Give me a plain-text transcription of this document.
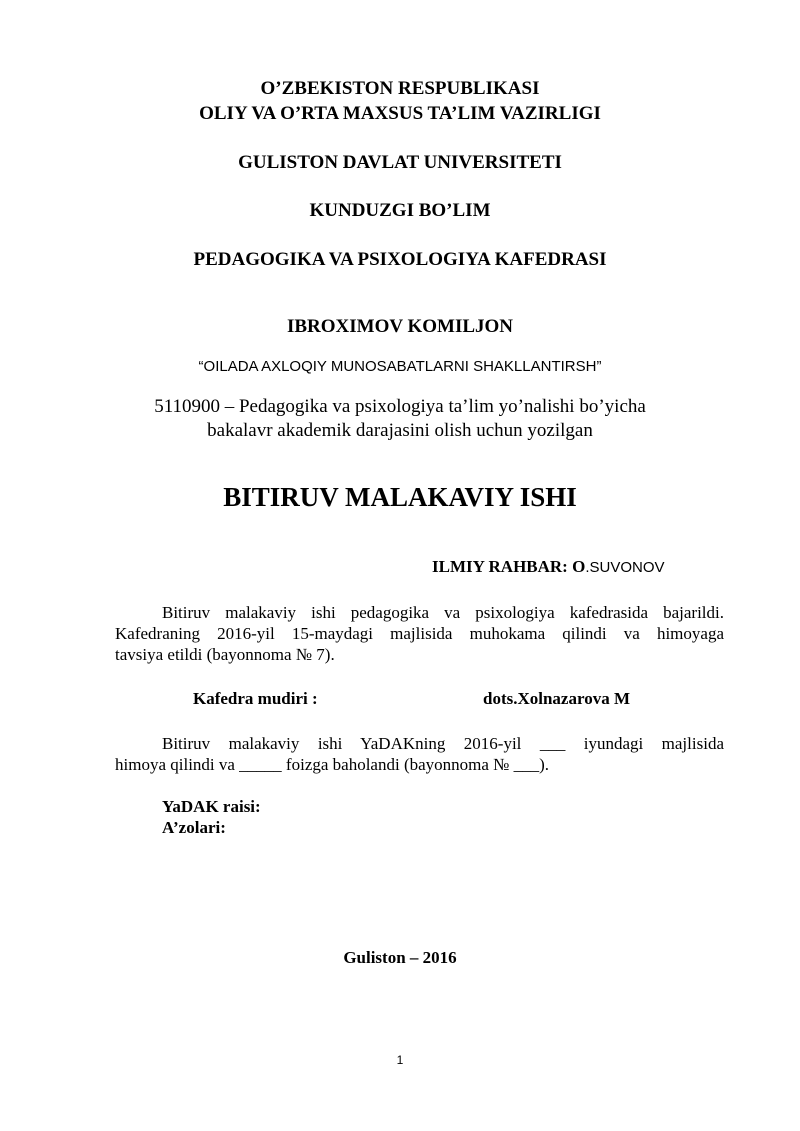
O’ZBEKISTON RESPUBLIKASI
OLIY VA O’RTA MAXSUS TA’LIM VAZIRLIGI
GULISTON DAVLAT UNIVERSITETI
KUNDUZGI BO’LIM
PEDAGOGIKA VA PSIXOLOGIYA KAFEDRASI
IBROXIMOV KOMILJON
“OILADA AXLOQIY MUNOSABATLARNI SHAKLLANTIRSH”
5110900 – Pedagogika va psixologiya ta’lim yo’nalishi bo’yicha
bakalavr akademik darajasini olish uchun yozilgan
BITIRUV MALAKAVIY ISHI
ILMIY RAHBAR: O.SUVONOV
Bitiruv malakaviy ishi pedagogika va psixologiya kafedrasida bajarildi.
Kafedraning 2016-yil 15-maydagi majlisida muhokama qilindi va himoyaga
tavsiya etildi (bayonnoma № 7).
Kafedra mudiri :	dots.Xolnazarova M
Bitiruv malakaviy ishi YaDAKning 2016-yil ___ iyundagi majlisida
himoya qilindi va _____ foizga baholandi (bayonnoma № ___).
YaDAK raisi:
A’zolari:
Guliston – 2016
1
